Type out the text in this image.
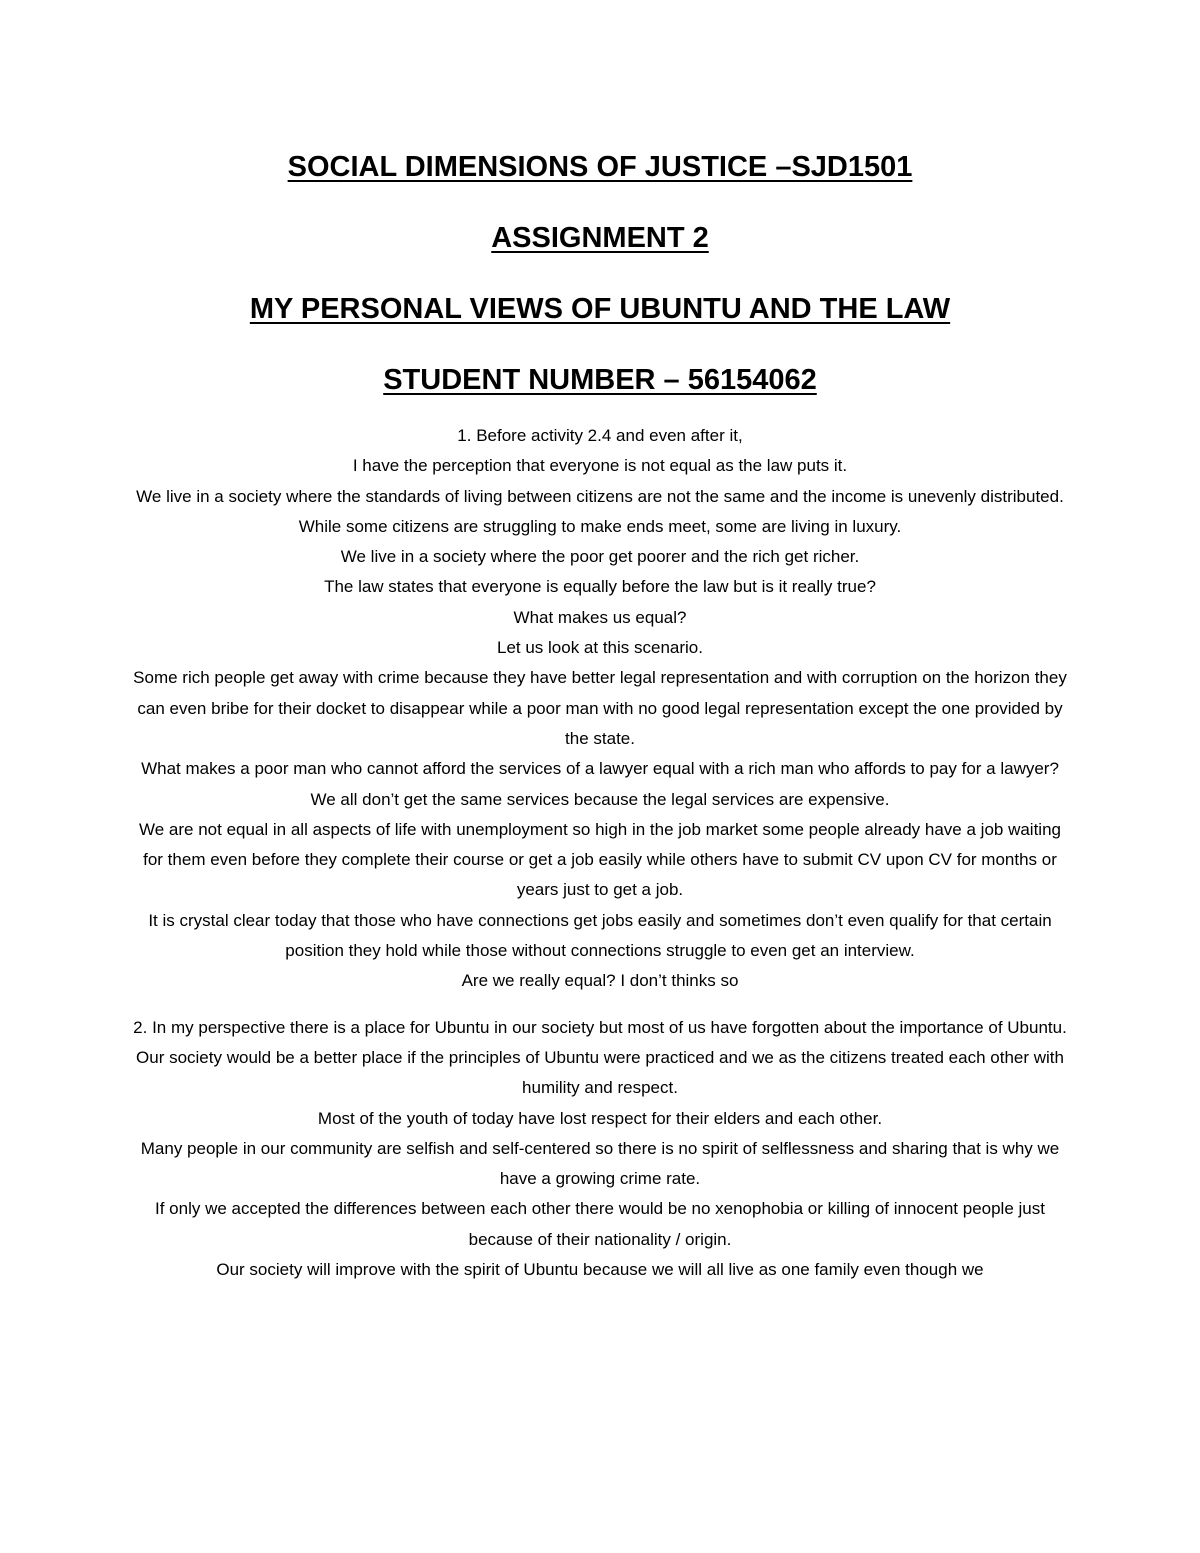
SOCIAL DIMENSIONS OF JUSTICE –SJD1501

ASSIGNMENT 2

MY PERSONAL VIEWS OF UBUNTU AND THE LAW

STUDENT NUMBER – 56154062

1. Before activity 2.4 and even after it,

I have the perception that everyone is not equal as the law puts it.

We live in a society where the standards of living between citizens are not the same and the income is unevenly distributed.

While some citizens are struggling to make ends meet, some are living in luxury.

We live in a society where the poor get poorer and the rich get richer.

The law states that everyone is equally before the law but is it really true?

What makes us equal?

Let us look at this scenario.

Some rich people get away with crime because they have better legal representation and with corruption on the horizon they can even bribe for their docket to disappear while a poor man with no good legal representation except the one provided by the state.

What makes a poor man who cannot afford the services of a lawyer equal with a rich man who affords to pay for a lawyer?

We all don’t get the same services because the legal services are expensive.

We are not equal in all aspects of life with unemployment so high in the job market some people already have a job waiting for them even before they complete their course or get a job easily while others have to submit CV upon CV for months or years just to get a job.

It is crystal clear today that those who have connections get jobs easily and sometimes don’t even qualify for that certain position they hold while those without connections struggle to even get an interview.

Are we really equal? I don’t thinks so

2. In my perspective there is a place for Ubuntu in our society but most of us have forgotten about the importance of Ubuntu.

Our society would be a better place if the principles of Ubuntu were practiced and we as the citizens treated each other with humility and respect.

Most of the youth of today have lost respect for their elders and each other.

Many people in our community are selfish and self-centered so there is no spirit of selflessness and sharing that is why we have a growing crime rate.

If only we accepted the differences between each other there would be no xenophobia or killing of innocent people just because of their nationality / origin.

Our society will improve with the spirit of Ubuntu because we will all live as one family even though we
